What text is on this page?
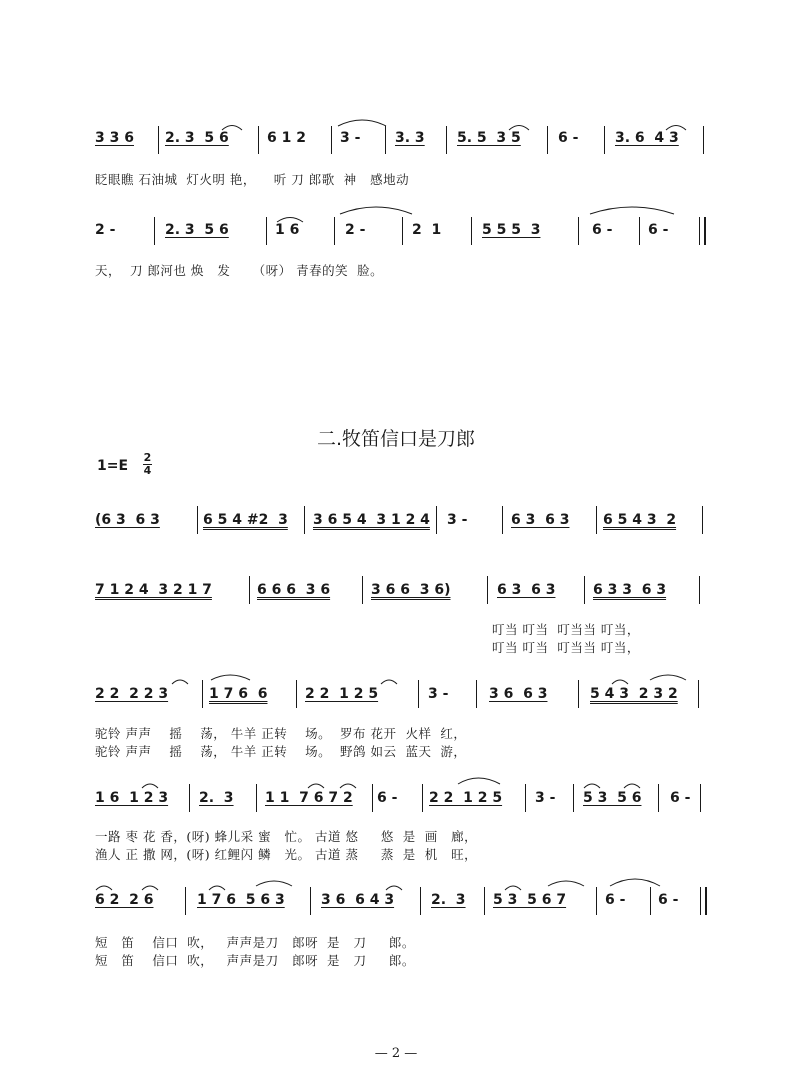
3 3 6 2. 3  5 6	6 1 2 3 - 3. 3 5. 5  3 5	6 -	3. 6  4 3
眨眼瞧 石油城  灯火明 艳，    听 刀 郎歌  神   感地动
2 -	2. 3  5 6	1 6	2 -	2  1	5 5 5  3	6 -	6 -
天，  刀 郎河也 焕   发     （呀） 青春的笑  脸。
二.牧笛信口是刀郎
1=E
2
4
(6 3  6 3	6 5 4 #2  3 3 6 5 4  3 1 2 4 3 -	6 3  6 3 6 5 4 3  2
7 1 2 4  3 2 1 7	6 6 6  3 6	3 6 6  3 6)	6 3  6 3	6 3 3  6 3
叮当 叮当  叮当当 叮当，
叮当 叮当  叮当当 叮当，
2 2  2 2 3	1 7 6  6	2 2  1 2 5	3 -	3 6  6 3	5 4 3  2 3 2
驼铃 声声    摇    荡， 牛羊 正转    场。  罗布 花开  火样  红，
驼铃 声声    摇    荡， 牛羊 正转    场。  野鸽 如云  蓝天  游，
1 6  1 2 3 2.  3 1 1  7 6 7 2 6 - 2 2  1 2 5 3 - 5 3  5 6 6 -
一路 枣 花 香，(呀) 蜂儿采 蜜   忙。 古道 悠     悠  是  画   廊，
渔人 正 撒 网，(呀) 红鲤闪 鳞   光。 古道 蒸     蒸  是  机   旺，
6 2  2 6	1 7 6  5 6 3	3 6  6 4 3	2.  3 5 3  5 6 7	6 - 6 -
短   笛    信口  吹，   声声是刀   郎呀  是   刀     郎。
短   笛    信口  吹，   声声是刀   郎呀  是   刀     郎。
— 2 —
